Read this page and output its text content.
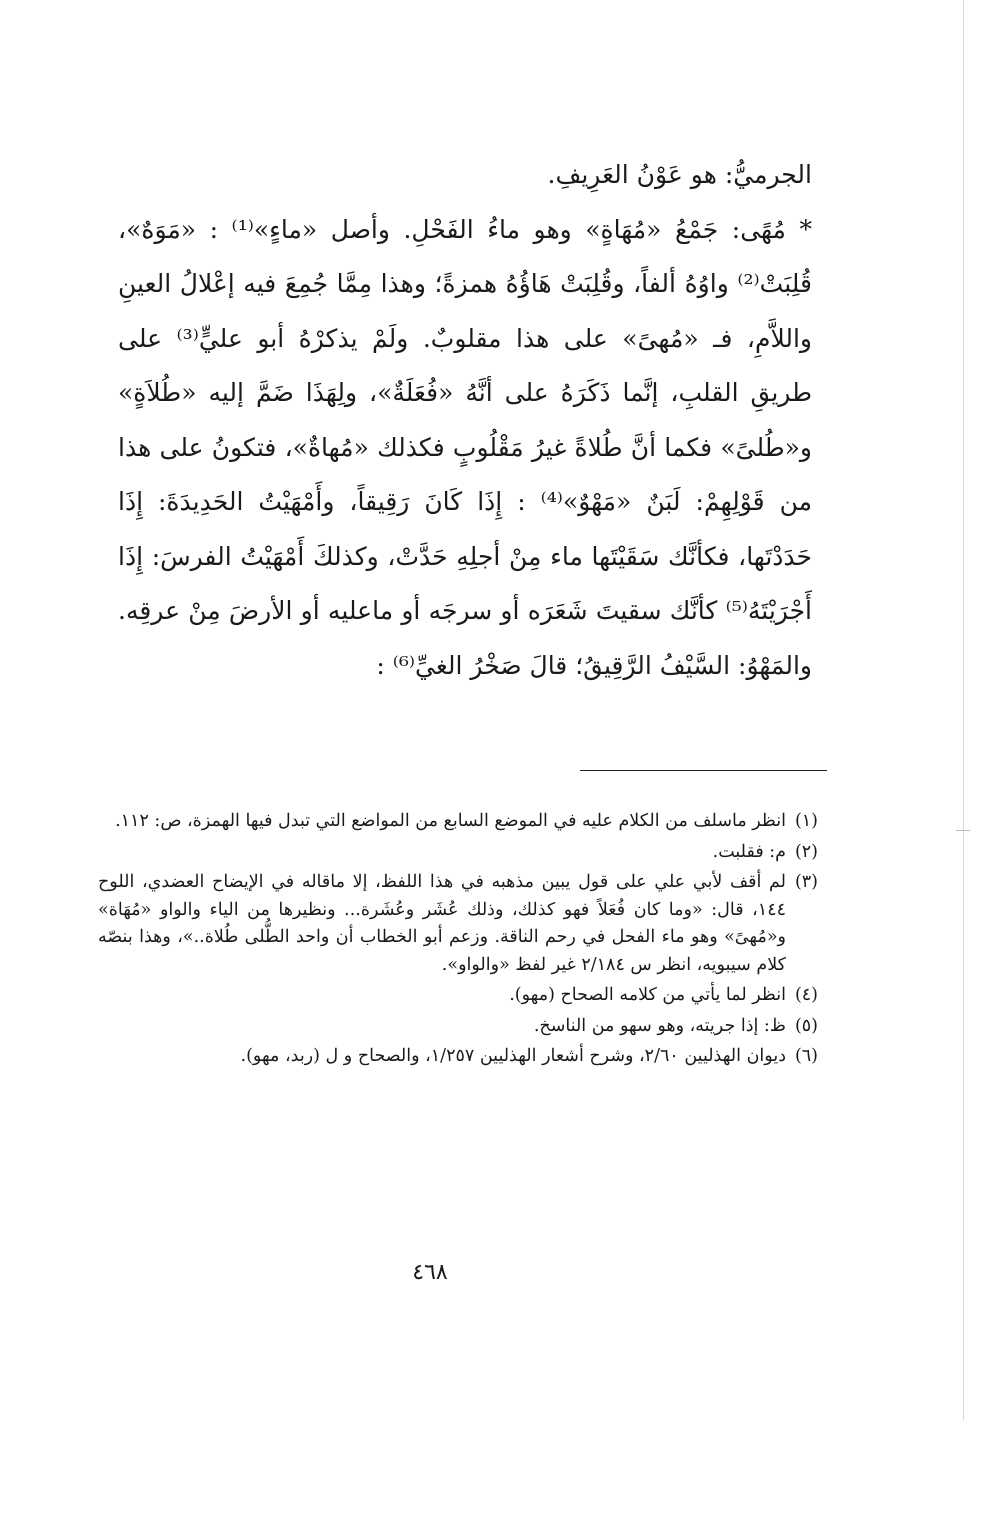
الجرميُّ: هو عَوْنُ العَرِيفِ.

* مُهًى: جَمْعُ «مُهَاةٍ» وهو ماءُ الفَحْلِ. وأصل «ماءٍ»⁽¹⁾ : «مَوَهٌ»، قُلِبَتْ⁽²⁾ واوُهُ ألفاً، وقُلِبَتْ هَاؤُهُ همزةً؛ وهذا مِمَّا جُمِعَ فيه إعْلالُ العينِ واللاَّمِ، فـ «مُهىً» على هذا مقلوبٌ. ولَمْ يذكرْهُ أبو عليٍّ⁽³⁾ على طريقِ القلبِ، إنَّما ذَكَرَهُ على أنَّهُ «فُعَلَةٌ»، ولِهَذَا ضَمَّ إليه «طُلاَةٍ» و«طُلىً» فكما أنَّ طُلاةً غيرُ مَقْلُوبٍ فكذلك «مُهاةٌ»، فتكونُ على هذا من قَوْلِهِمْ: لَبَنٌ «مَهْوٌ»⁽⁴⁾ : إِذَا كَانَ رَقِيقاً، وأَمْهَيْتُ الحَدِيدَةَ: إِذَا حَدَدْتَها، فكأنَّك سَقَيْتَها ماء مِنْ أجلِهِ حَدَّتْ، وكذلكَ أَمْهَيْتُ الفرسَ: إِذَا أَجْرَيْتَهُ⁽⁵⁾ كأنَّك سقيتَ شَعَرَه أو سرجَه أو ماعليه أو الأرضَ مِنْ عرقِه. والمَهْوُ: السَّيْفُ الرَّقِيقُ؛ قالَ صَخْرُ الغيِّ⁽⁶⁾ :

(١)
انظر ماسلف من الكلام عليه في الموضع السابع من المواضع التي تبدل فيها الهمزة، ص: ١١٢.
(٢)
م: فقلبت.
(٣)
لم أقف لأبي علي على قول يبين مذهبه في هذا اللفظ، إلا ماقاله في الإيضاح العضدي، اللوح ١٤٤، قال: «وما كان فُعَلاً فهو كذلك، وذلك عُشَر وعُشَرة... ونظيرها من الياء والواو «مُهَاة» و«مُهىً» وهو ماء الفحل في رحم الناقة. وزعم أبو الخطاب أن واحد الطُّلى طُلاة..»، وهذا بنصّه كلام سيبويه، انظر س ٢/١٨٤ غير لفظ «والواو».
(٤)
انظر لما يأتي من كلامه الصحاح (مهو).
(٥)
ظ: إذا جريته، وهو سهو من الناسخ.
(٦)
ديوان الهذليين ٢/٦٠، وشرح أشعار الهذليين ١/٢٥٧، والصحاح و ل (ربد، مهو).
٤٦٨
